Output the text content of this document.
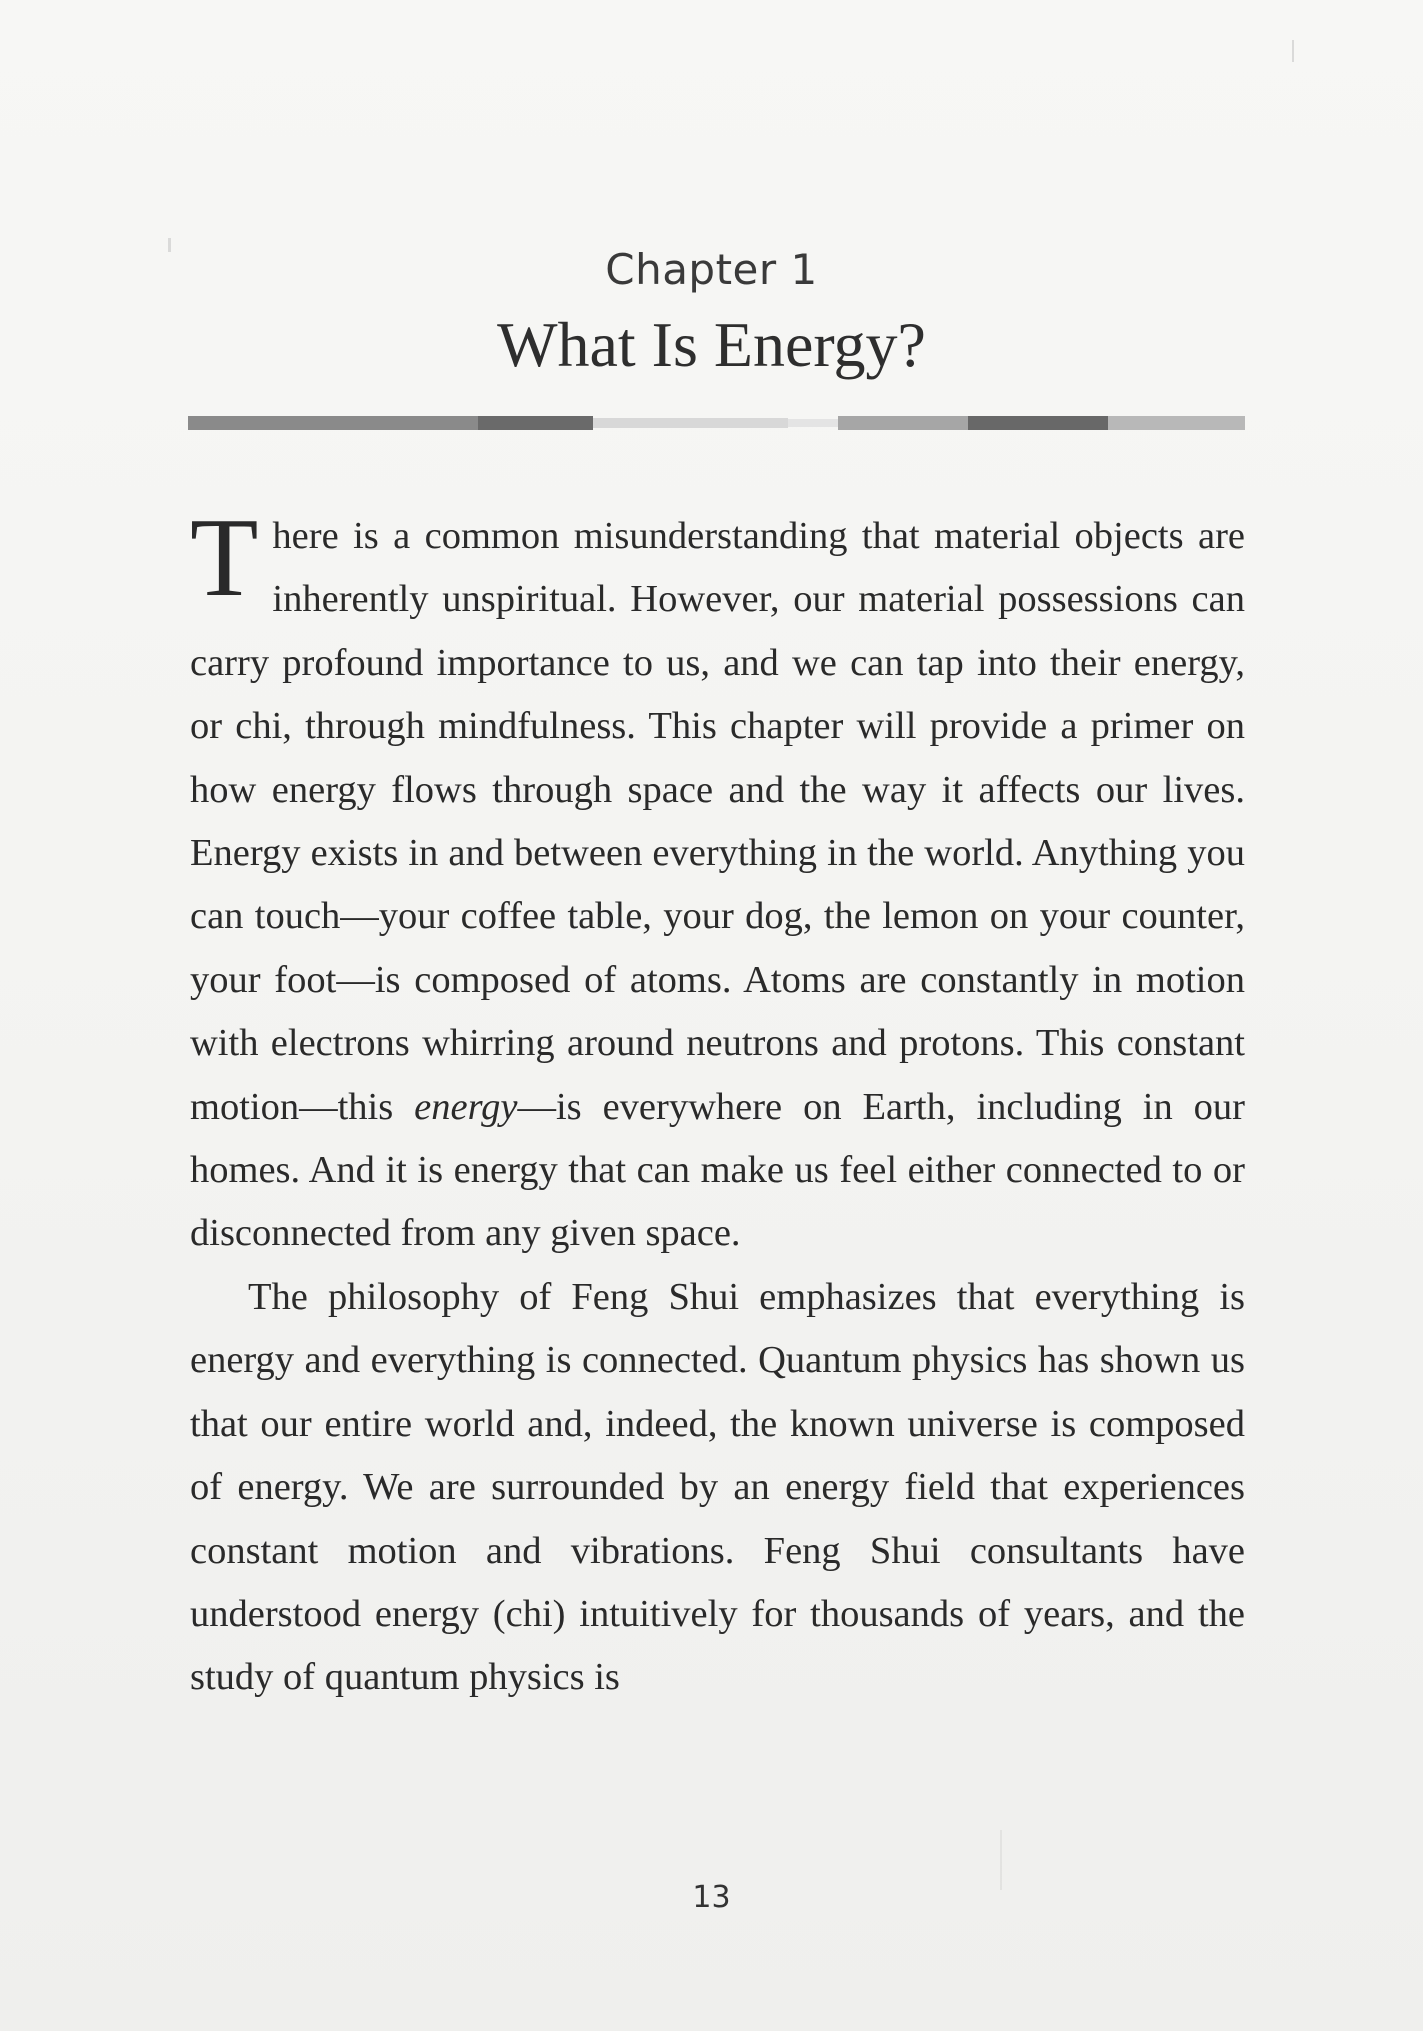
Chapter 1
What Is Energy?

There is a common misunderstanding that material objects are inherently unspiritual. However, our material possessions can carry profound importance to us, and we can tap into their energy, or chi, through mindfulness. This chapter will provide a primer on how energy flows through space and the way it affects our lives. Energy exists in and between everything in the world. Anything you can touch—your coffee table, your dog, the lemon on your counter, your foot—is composed of atoms. Atoms are constantly in motion with electrons whirring around neutrons and protons. This constant motion—this energy—is everywhere on Earth, including in our homes. And it is energy that can make us feel either connected to or disconnected from any given space.

The philosophy of Feng Shui emphasizes that everything is energy and everything is connected. Quantum physics has shown us that our entire world and, indeed, the known universe is composed of energy. We are surrounded by an energy field that experiences constant motion and vibrations. Feng Shui consultants have understood energy (chi) intuitively for thousands of years, and the study of quantum physics is

13
